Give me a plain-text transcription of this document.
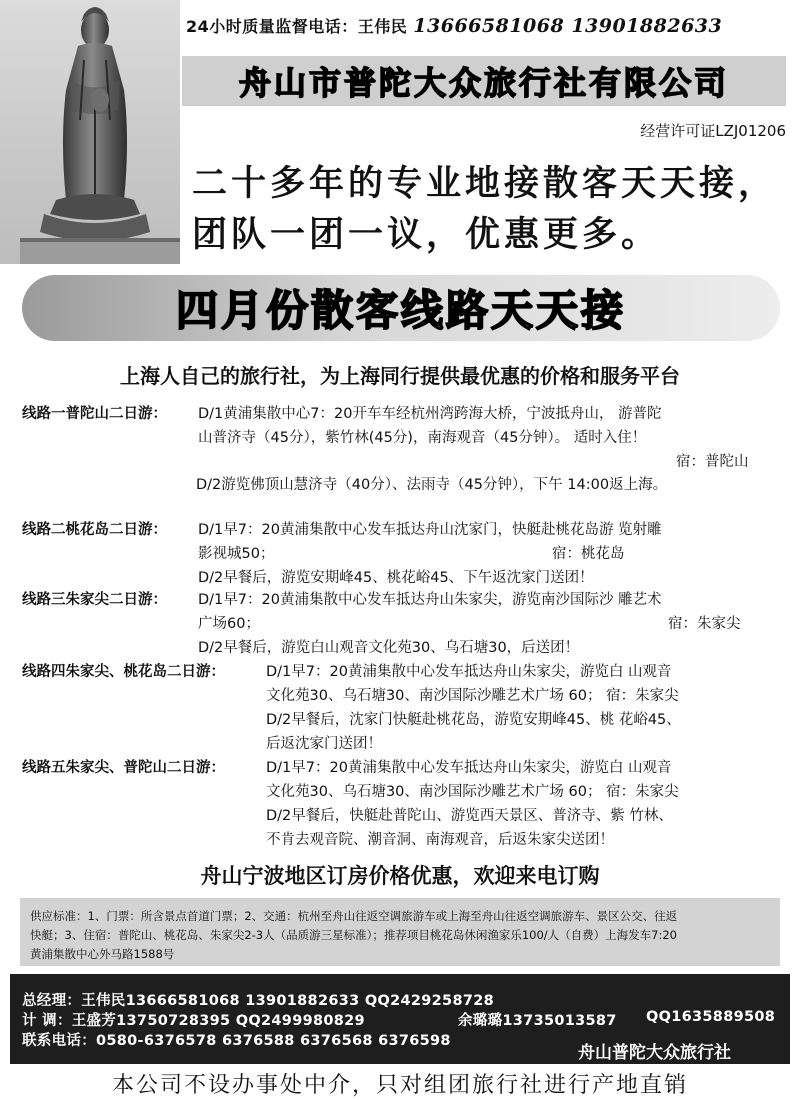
24小时质量监督电话：王伟民 13666581068 13901882633
舟山市普陀大众旅行社有限公司
经营许可证LZJ01206
二十多年的专业地接散客天天接，
团队一团一议，优惠更多。
四月份散客线路天天接
上海人自己的旅行社，为上海同行提供最优惠的价格和服务平台
线路一普陀山二日游： D/1黄浦集散中心7：20开车车经杭州湾跨海大桥，宁波抵舟山， 游普陀
山普济寺（45分），紫竹林(45分)，南海观音（45分钟）。 适时入住！
宿：普陀山
D/2游览佛顶山慧济寺（40分）、法雨寺（45分钟），下午 14:00返上海。
线路二桃花岛二日游： D/1早7：20黄浦集散中心发车抵达舟山沈家门，快艇赴桃花岛游 览射雕
影视城50；	宿：桃花岛
D/2早餐后，游览安期峰45、桃花峪45、下午返沈家门送团！
线路三朱家尖二日游： D/1早7：20黄浦集散中心发车抵达舟山朱家尖，游览南沙国际沙 雕艺术
广场60；	宿：朱家尖
D/2早餐后，游览白山观音文化苑30、乌石塘30，后送团！
线路四朱家尖、桃花岛二日游：	D/1早7：20黄浦集散中心发车抵达舟山朱家尖，游览白 山观音
文化苑30、乌石塘30、南沙国际沙雕艺术广场 60； 宿：朱家尖
D/2早餐后，沈家门快艇赴桃花岛，游览安期峰45、桃 花峪45、
后返沈家门送团！
线路五朱家尖、普陀山二日游：	D/1早7：20黄浦集散中心发车抵达舟山朱家尖，游览白 山观音
文化苑30、乌石塘30、南沙国际沙雕艺术广场 60； 宿：朱家尖
D/2早餐后，快艇赴普陀山、游览西天景区、普济寺、紫 竹林、
不肯去观音院、潮音洞、南海观音，后返朱家尖送团！
舟山宁波地区订房价格优惠，欢迎来电订购
供应标准：1、门票：所含景点首道门票；2、交通：杭州至舟山往返空调旅游车或上海至舟山往返空调旅游车、景区公交、往返
快艇；3、住宿：普陀山、桃花岛、朱家尖2-3人（品质游三星标准）；推荐项目桃花岛休闲渔家乐100/人（自费）上海发车7:20
黄浦集散中心外马路1588号
总经理：王伟民13666581068 13901882633 QQ2429258728
计 调：王盛芳13750728395 QQ2499980829	余璐璐13735013587 QQ1635889508
联系电话：0580-6376578 6376588 6376568 6376598
舟山普陀大众旅行社
本公司不设办事处中介，只对组团旅行社进行产地直销
